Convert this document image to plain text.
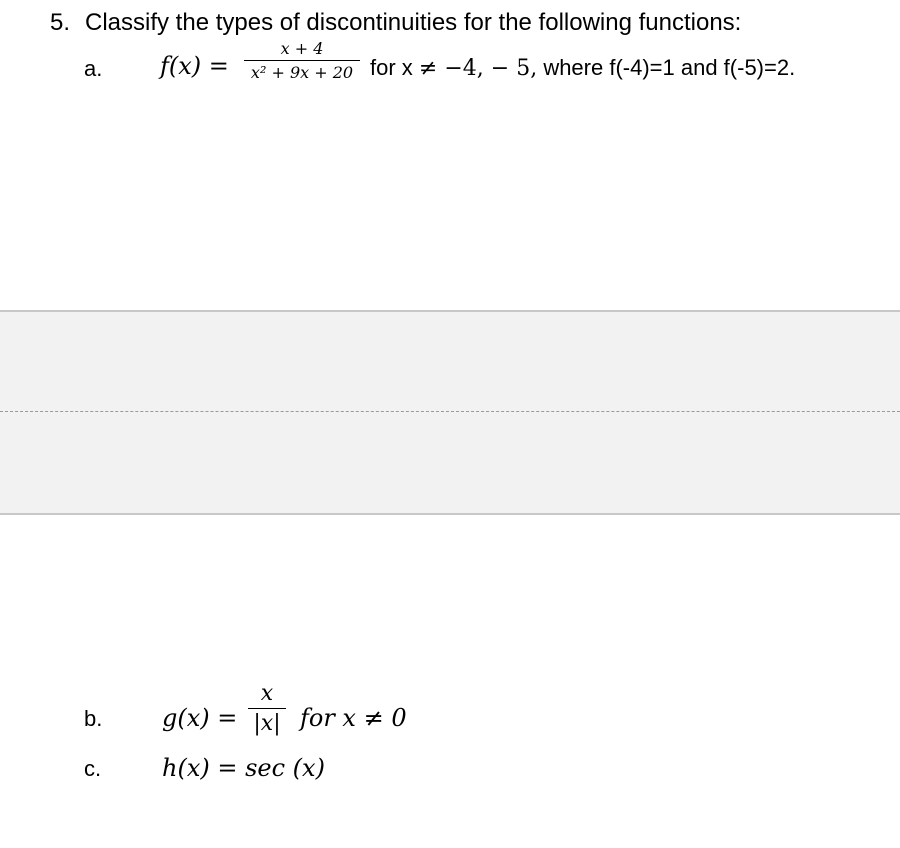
5. Classify the types of discontinuities for the following functions:
a. f(x) =
x + 4
x² + 9x + 20 for x ≠ −4, − 5, where f(-4)=1 and f(-5)=2.
b. g(x) =
x
|x| for x ≠ 0
c.	h(x) = sec (x)
